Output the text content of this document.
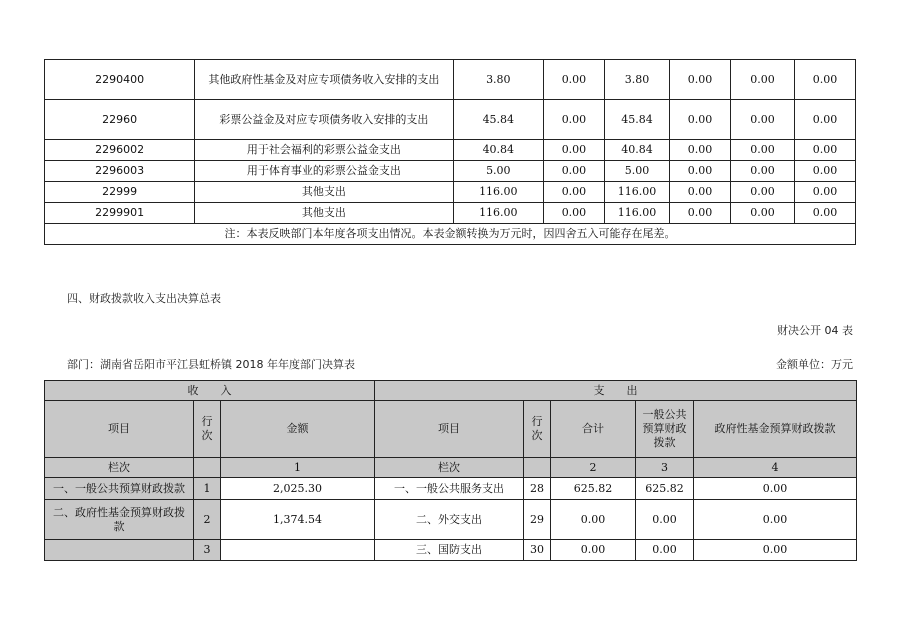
2290400	其他政府性基金及对应专项债务收入安排的支出	3.80	0.00	3.80	0.00	0.00	0.00
22960	彩票公益金及对应专项债务收入安排的支出	45.84	0.00	45.84	0.00	0.00	0.00
2296002	用于社会福利的彩票公益金支出	40.84	0.00	40.84	0.00	0.00	0.00
2296003	用于体育事业的彩票公益金支出	5.00	0.00	5.00	0.00	0.00	0.00
22999	其他支出	116.00	0.00	116.00	0.00	0.00	0.00
2299901	其他支出	116.00	0.00	116.00	0.00	0.00	0.00
注：本表反映部门本年度各项支出情况。本表金额转换为万元时，因四舍五入可能存在尾差。							
四、财政拨款收入支出决算总表
财决公开 04 表
部门：湖南省岳阳市平江县虹桥镇 2018 年年度部门决算表	金额单位：万元
收　　入			支　　出				
项目	行次	金额	项目	行次	合计	一般公共预算财政拨款	政府性基金预算财政拨款
栏次		1	栏次		2	3	4
一、一般公共预算财政拨款	1	2,025.30	一、一般公共服务支出	28	625.82	625.82	0.00
二、政府性基金预算财政拨款	2	1,374.54	二、外交支出	29	0.00	0.00	0.00
	3		三、国防支出	30	0.00	0.00	0.00
